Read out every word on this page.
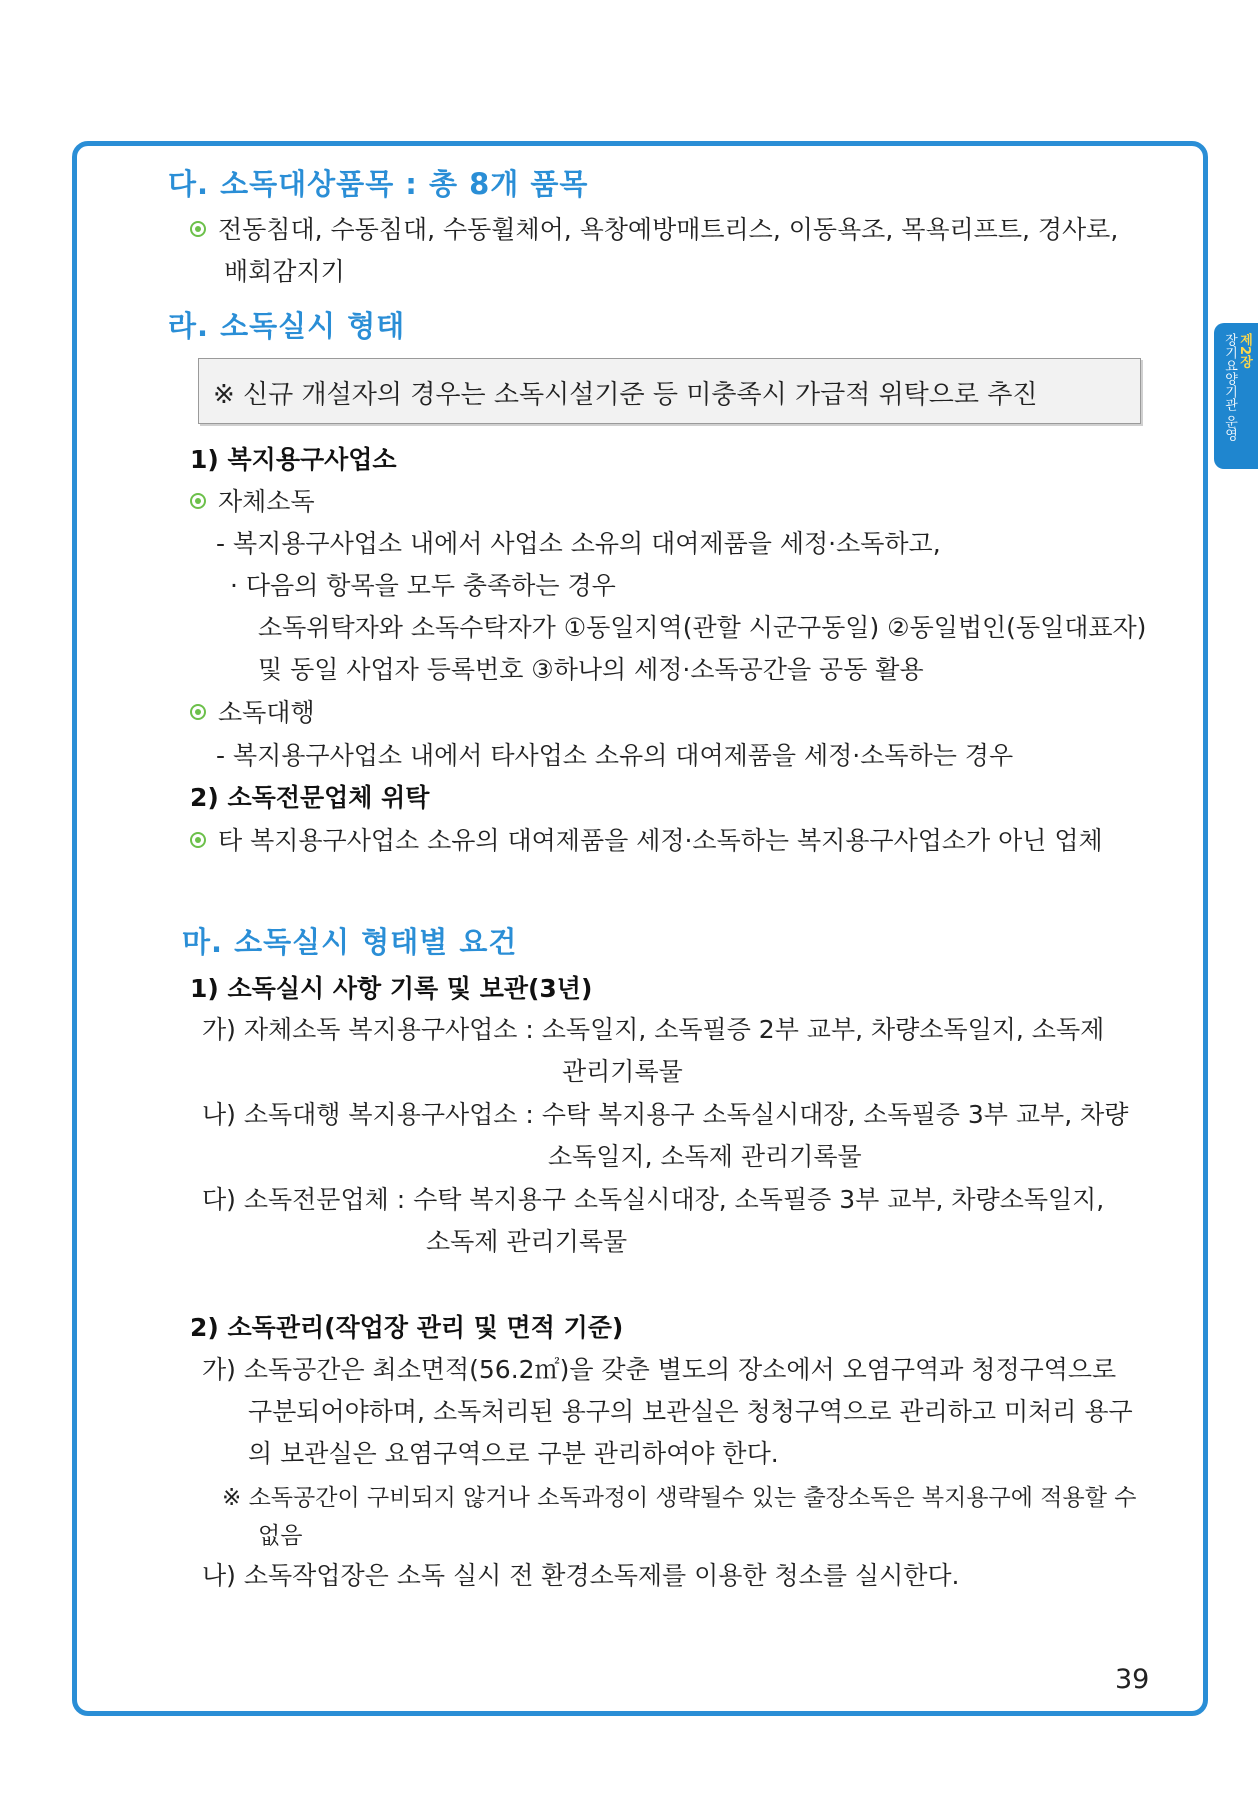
제2장
장기요양기관 운영
다. 소독대상품목 : 총 8개 품목
전동침대, 수동침대, 수동휠체어, 욕창예방매트리스, 이동욕조, 목욕리프트, 경사로,
배회감지기
라. 소독실시 형태
※ 신규 개설자의 경우는 소독시설기준 등 미충족시 가급적 위탁으로 추진
1) 복지용구사업소
자체소독
- 복지용구사업소 내에서 사업소 소유의 대여제품을 세정·소독하고,
· 다음의 항목을 모두 충족하는 경우
소독위탁자와 소독수탁자가 ①동일지역(관할 시군구동일) ②동일법인(동일대표자)
및 동일 사업자 등록번호 ③하나의 세정·소독공간을 공동 활용
소독대행
- 복지용구사업소 내에서 타사업소 소유의 대여제품을 세정·소독하는 경우
2) 소독전문업체 위탁
타 복지용구사업소 소유의 대여제품을 세정·소독하는 복지용구사업소가 아닌 업체
마. 소독실시 형태별 요건
1) 소독실시 사항 기록 및 보관(3년)
가) 자체소독 복지용구사업소 : 소독일지, 소독필증 2부 교부, 차량소독일지, 소독제
관리기록물
나) 소독대행 복지용구사업소 : 수탁 복지용구 소독실시대장, 소독필증 3부 교부, 차량
소독일지, 소독제 관리기록물
다) 소독전문업체 : 수탁 복지용구 소독실시대장, 소독필증 3부 교부, 차량소독일지,
소독제 관리기록물
2) 소독관리(작업장 관리 및 면적 기준)
가) 소독공간은 최소면적(56.2㎡)을 갖춘 별도의 장소에서 오염구역과 청정구역으로
구분되어야하며, 소독처리된 용구의 보관실은 청청구역으로 관리하고 미처리 용구
의 보관실은 요염구역으로 구분 관리하여야 한다.
※ 소독공간이 구비되지 않거나 소독과정이 생략될수 있는 출장소독은 복지용구에 적용할 수
없음
나) 소독작업장은 소독 실시 전 환경소독제를 이용한 청소를 실시한다.
39
